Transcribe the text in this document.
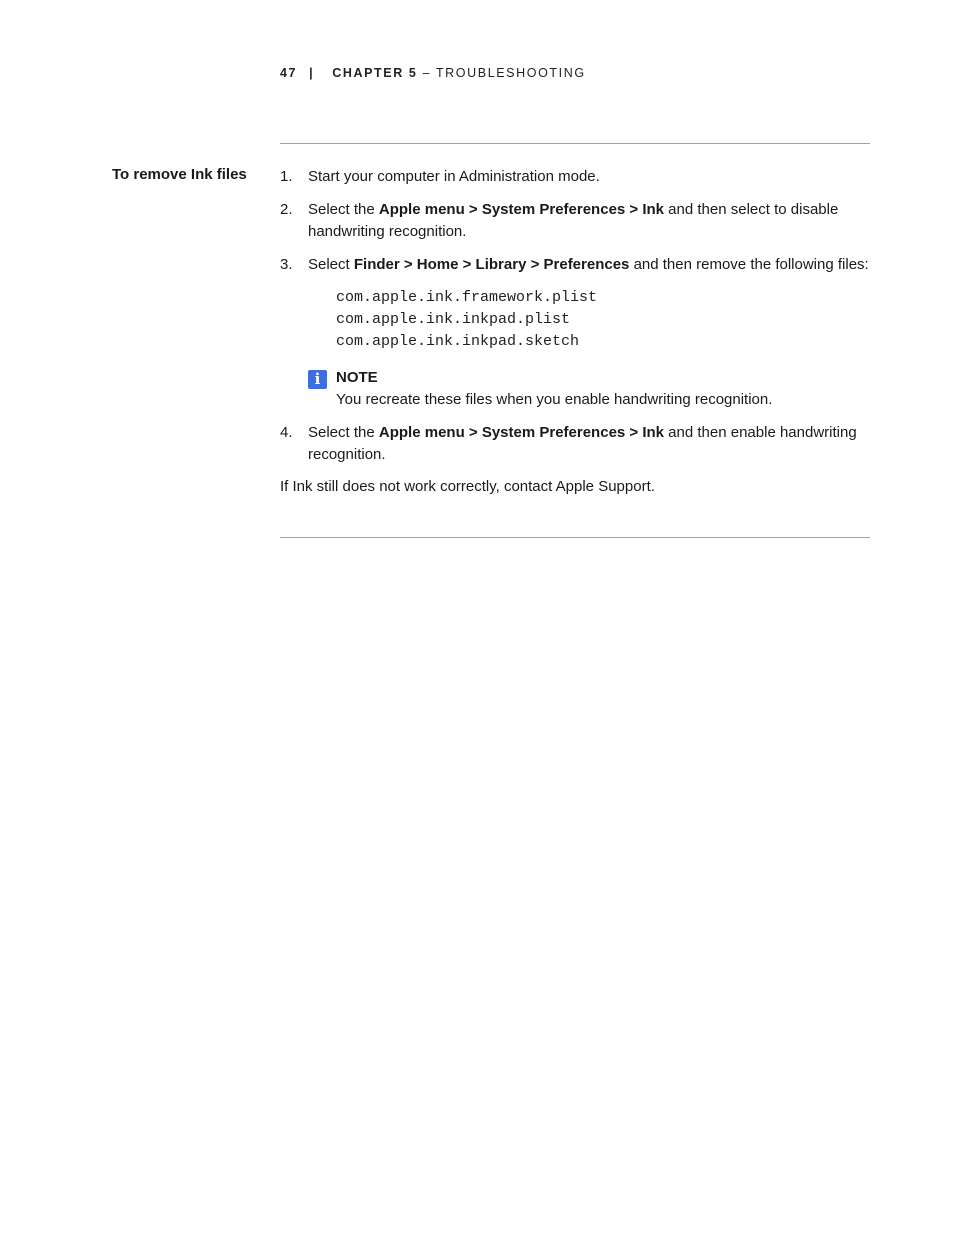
47 | CHAPTER 5 – TROUBLESHOOTING
To remove Ink files 1. Start your computer in Administration mode.

2. Select the Apple menu > System Preferences > Ink and then select to disable handwriting recognition.

3. Select Finder > Home > Library > Preferences and then remove the following files:

com.apple.ink.framework.plist
com.apple.ink.inkpad.plist
com.apple.ink.inkpad.sketch
i	NOTE
You recreate these files when you enable handwriting recognition.

4. Select the Apple menu > System Preferences > Ink and then enable handwriting recognition.

If Ink still does not work correctly, contact Apple Support.
